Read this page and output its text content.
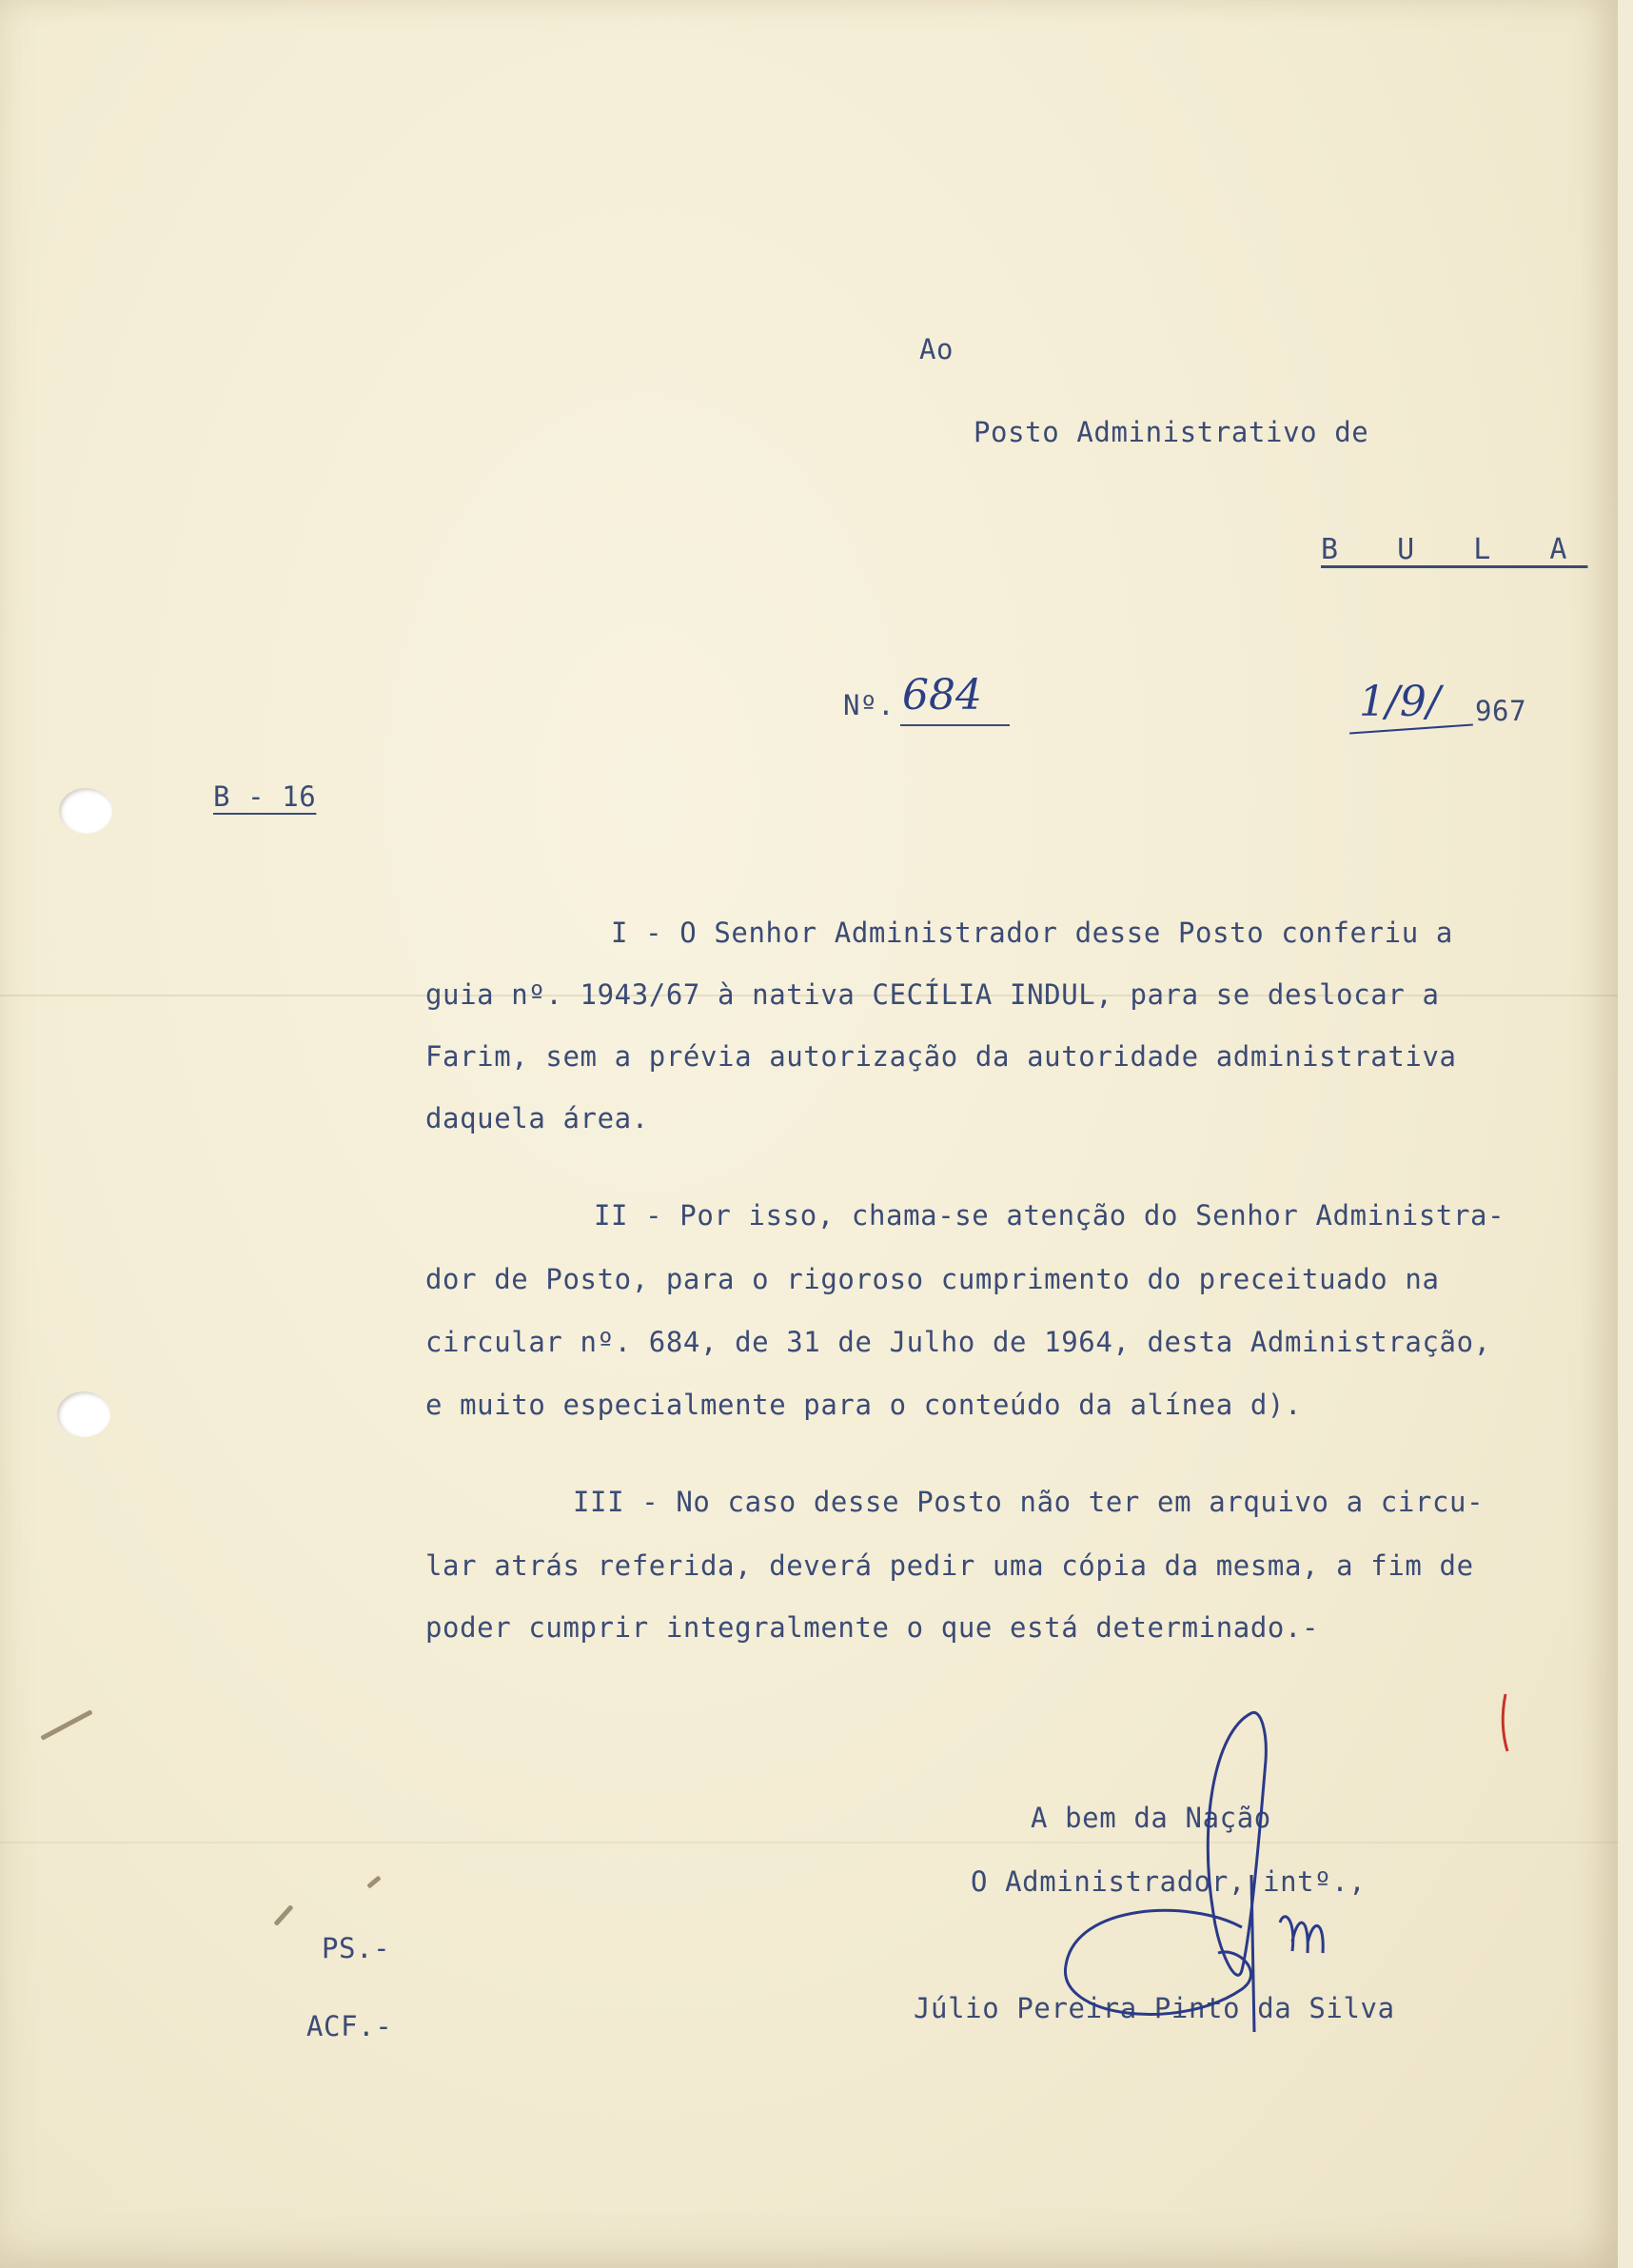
Ao
Posto Administrativo de
B U L A
Nº. 684	1/9/ 967
B - 16
I - O Senhor Administrador desse Posto conferiu a
guia nº. 1943/67 à nativa CECÍLIA INDUL, para se deslocar a
Farim, sem a prévia autorização da autoridade administrativa
daquela área.
II - Por isso, chama-se atenção do Senhor Administra-
dor de Posto, para o rigoroso cumprimento do preceituado na
circular nº. 684, de 31 de Julho de 1964, desta Administração,
e muito especialmente para o conteúdo da alínea d).
III - No caso desse Posto não ter em arquivo a circu-
lar atrás referida, deverá pedir uma cópia da mesma, a fim de
poder cumprir integralmente o que está determinado.-
A bem da Nação
O Administrador, intº.,
Júlio Pereira Pinto da Silva
PS.-
ACF.-
